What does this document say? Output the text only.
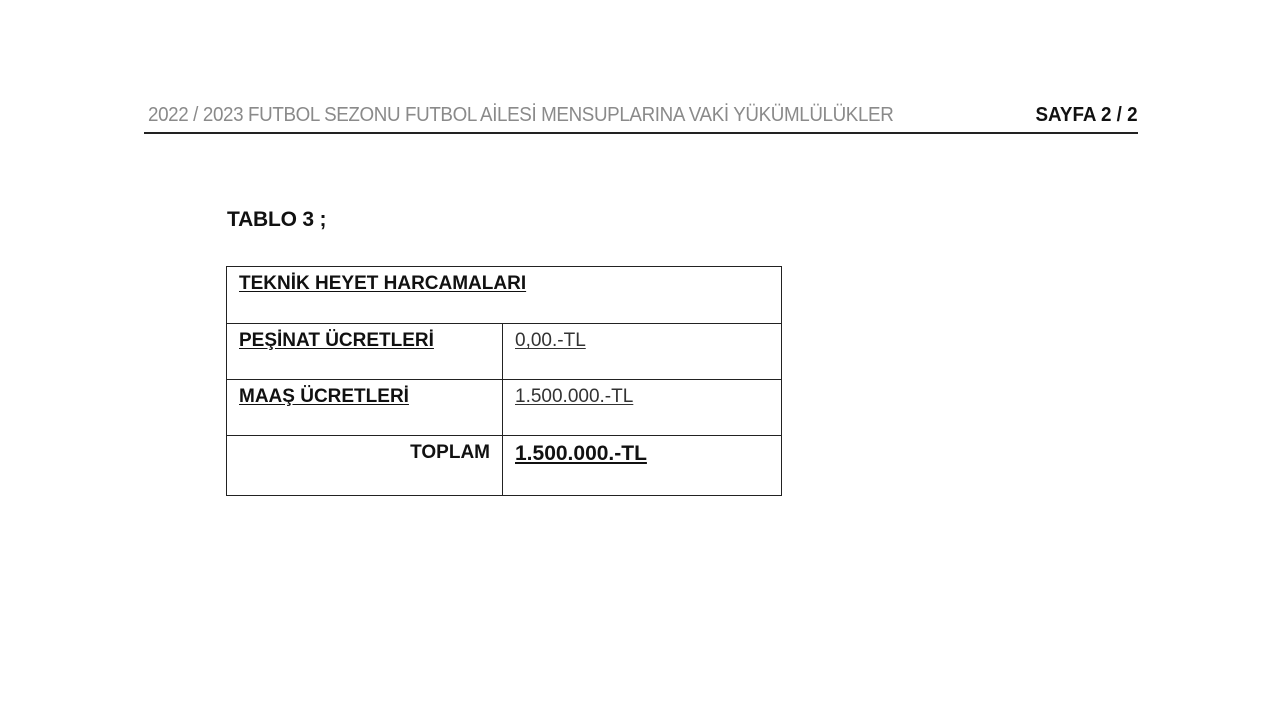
2022 / 2023 FUTBOL SEZONU FUTBOL AİLESİ MENSUPLARINA VAKİ YÜKÜMLÜLÜKLER	SAYFA 2 / 2
TABLO 3 ;
TEKNİK HEYET HARCAMALARI	
PEŞİNAT ÜCRETLERİ	0,00.-TL
MAAŞ ÜCRETLERİ	1.500.000.-TL
TOPLAM	1.500.000.-TL
